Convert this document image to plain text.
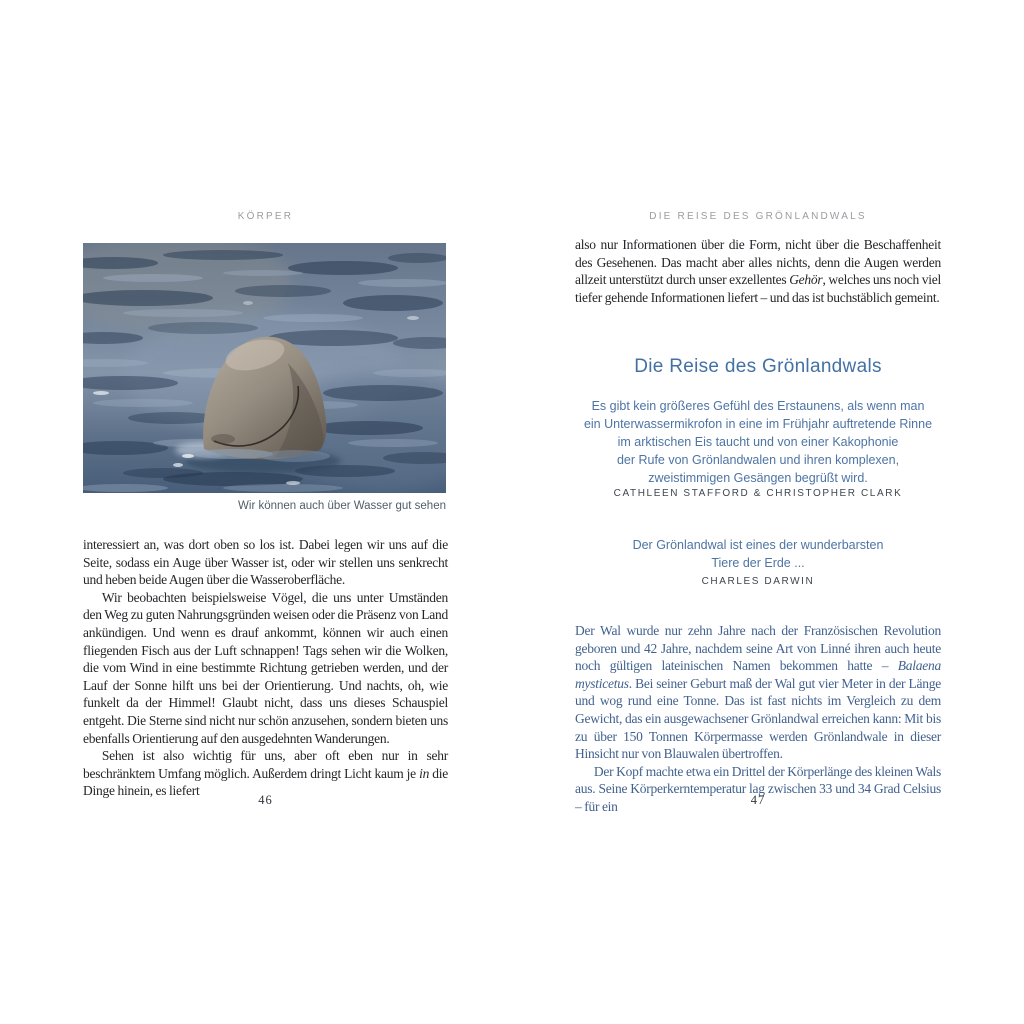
KÖRPER
Wir können auch über Wasser gut sehen

interessiert an, was dort oben so los ist. Dabei legen wir uns auf die Seite, sodass ein Auge über Wasser ist, oder wir stellen uns senkrecht und heben beide Augen über die Wasseroberfläche.

Wir beobachten beispielsweise Vögel, die uns unter Umständen den Weg zu guten Nahrungsgründen weisen oder die Präsenz von Land ankündigen. Und wenn es drauf ankommt, können wir auch einen fliegenden Fisch aus der Luft schnappen! Tags sehen wir die Wolken, die vom Wind in eine bestimmte Richtung getrieben werden, und der Lauf der Sonne hilft uns bei der Orientierung. Und nachts, oh, wie funkelt da der Himmel! Glaubt nicht, dass uns dieses Schauspiel entgeht. Die Sterne sind nicht nur schön anzusehen, sondern bieten uns ebenfalls Orientierung auf den ausgedehnten Wanderungen.

Sehen ist also wichtig für uns, aber oft eben nur in sehr beschränktem Umfang möglich. Außerdem dringt Licht kaum je in die Dinge hinein, es liefert

46
DIE REISE DES GRÖNLANDWALS

also nur Informationen über die Form, nicht über die Beschaffenheit des Gesehenen. Das macht aber alles nichts, denn die Augen werden allzeit unterstützt durch unser exzellentes Gehör, welches uns noch viel tiefer gehende Informationen liefert – und das ist buchstäblich gemeint.

Die Reise des Grönlandwals
Es gibt kein größeres Gefühl des Erstaunens, als wenn man
ein Unterwassermikrofon in eine im Frühjahr auftretende Rinne
im arktischen Eis taucht und von einer Kakophonie
der Rufe von Grönlandwalen und ihren komplexen,
zweistimmigen Gesängen begrüßt wird.
CATHLEEN STAFFORD & CHRISTOPHER CLARK
Der Grönlandwal ist eines der wunderbarsten
Tiere der Erde ...
CHARLES DARWIN

Der Wal wurde nur zehn Jahre nach der Französischen Revolution geboren und 42 Jahre, nachdem seine Art von Linné ihren auch heute noch gültigen lateinischen Namen bekommen hatte – Balaena mysticetus. Bei seiner Geburt maß der Wal gut vier Meter in der Länge und wog rund eine Tonne. Das ist fast nichts im Vergleich zu dem Gewicht, das ein ausgewachsener Grönlandwal erreichen kann: Mit bis zu über 150 Tonnen Körpermasse werden Grönlandwale in dieser Hinsicht nur von Blauwalen übertroffen.

Der Kopf machte etwa ein Drittel der Körperlänge des kleinen Wals aus. Seine Körperkerntemperatur lag zwischen 33 und 34 Grad Celsius – für ein	47
